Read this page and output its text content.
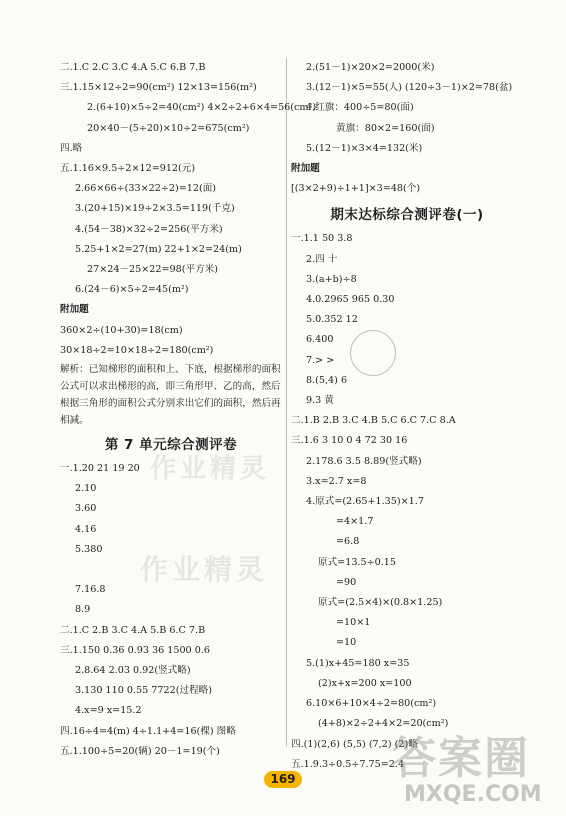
二.1.C 2.C 3.C 4.A 5.C 6.B 7.B
三.1.15×12÷2=90(cm²) 12×13=156(m²)
2.(6+10)×5÷2=40(cm²) 4×2÷2+6×4=56(cm²)
20×40－(5÷20)×10÷2=675(cm²)
四.略
五.1.16×9.5÷2×12=912(元)
2.66×66÷(33×22÷2)=12(面)
3.(20+15)×19÷2×3.5=119(千克)
4.(54－38)×32÷2=256(平方米)
5.25+1×2=27(m) 22+1×2=24(m)
27×24－25×22=98(平方米)
6.(24－6)×5÷2=45(m²)
附加题
360×2÷(10+30)=18(cm)
30×18÷2=10×18÷2=180(cm²)
解析：已知梯形的面积和上、下底，根据梯形的面积公式可以求出梯形的高，即三角形甲、乙的高，然后根据三角形的面积公式分别求出它们的面积，然后再相减。
第 7 单元综合测评卷
一.1.20 21 19 20
2.10
3.60
4.16
5.380

7.16.8
8.9
二.1.C 2.B 3.C 4.A 5.B 6.C 7.B
三.1.150 0.36 0.93 36 1500 0.6
2.8.64 2.03 0.92(竖式略)
3.130 110 0.55 7722(过程略)
4.x=9 x=15.2
四.16÷4=4(m) 4÷1.1+4=16(棵) 图略
五.1.100÷5=20(辆) 20－1=19(个)
2.(51－1)×20×2=2000(米)
3.(12－1)×5=55(人) (120÷3－1)×2=78(盆)
4.红旗：400÷5=80(面)
黄旗：80×2=160(面)
5.(12－1)×3×4=132(米)
附加题
[(3×2+9)÷1+1]×3=48(个)
期末达标综合测评卷(一)
一.1.1 50 3.8
2.四 十
3.(a+b)÷8
4.0.2965 965 0.30
5.0.352 12
6.400
7.> >
8.(5,4) 6
9.3 黄
二.1.B 2.B 3.C 4.B 5.C 6.C 7.C 8.A
三.1.6 3 10 0 4 72 30 16
2.178.6 3.5 8.89(竖式略)
3.x=2.7 x=8
4.原式=(2.65+1.35)×1.7
=4×1.7
=6.8
原式=13.5÷0.15
=90
原式=(2.5×4)×(0.8×1.25)
=10×1
=10
5.(1)x+45=180 x=35
(2)x+x=200 x=100
6.10×6+10×4÷2=80(cm²)
(4+8)×2÷2+4×2=20(cm²)
四.(1)(2,6) (5,5) (7,2) (2)略
五.1.9.3÷0.5÷7.75=2.4
作业精灵
作业精灵
答案圈
MXQE.COM
169
